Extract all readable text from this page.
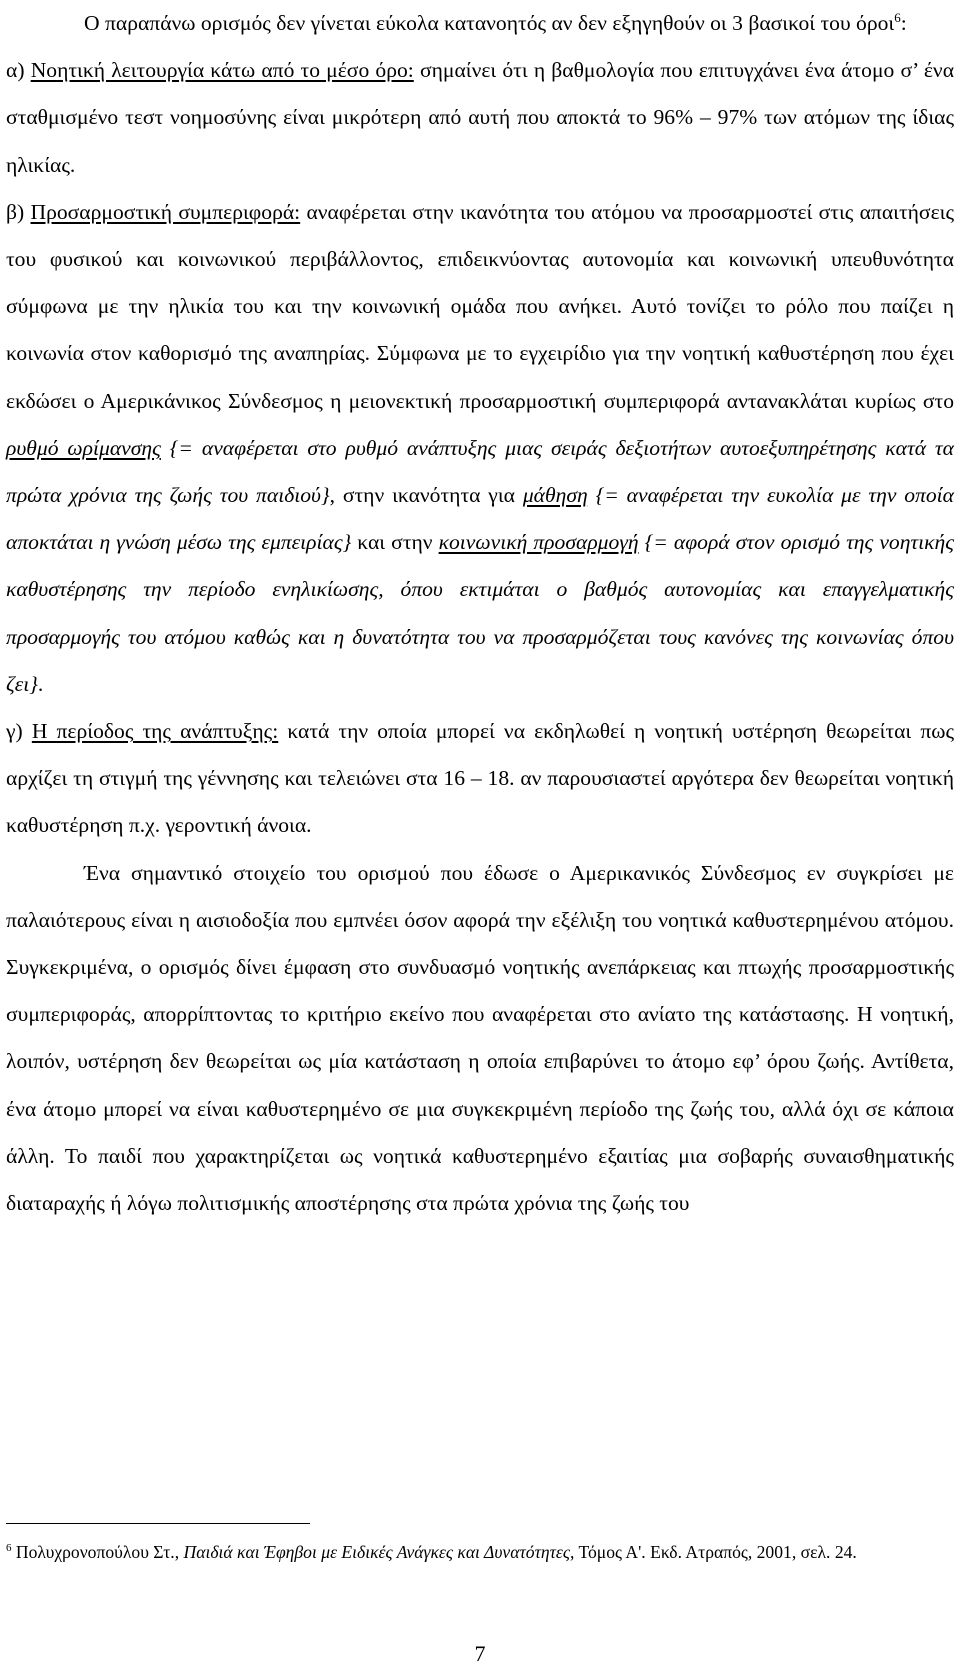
Ο παραπάνω ορισμός δεν γίνεται εύκολα κατανοητός αν δεν εξηγηθούν οι 3 βασικοί του όροι$^6$:

α) Νοητική λειτουργία κάτω από το μέσο όρο: σημαίνει ότι η βαθμολογία που επιτυγχάνει ένα άτομο σ’ ένα σταθμισμένο τεστ νοημοσύνης είναι μικρότερη από αυτή που αποκτά το 96% – 97% των ατόμων της ίδιας ηλικίας.

β) Προσαρμοστική συμπεριφορά: αναφέρεται στην ικανότητα του ατόμου να προσαρμοστεί στις απαιτήσεις του φυσικού και κοινωνικού περιβάλλοντος, επιδεικνύοντας αυτονομία και κοινωνική υπευθυνότητα σύμφωνα με την ηλικία του και την κοινωνική ομάδα που ανήκει. Αυτό τονίζει το ρόλο που παίζει η κοινωνία στον καθορισμό της αναπηρίας. Σύμφωνα με το εγχειρίδιο για την νοητική καθυστέρηση που έχει εκδώσει ο Αμερικάνικος Σύνδεσμος η μειονεκτική προσαρμοστική συμπεριφορά αντανακλάται κυρίως στο ρυθμό ωρίμανσης {= αναφέρεται στο ρυθμό ανάπτυξης μιας σειράς δεξιοτήτων αυτοεξυπηρέτησης κατά τα πρώτα χρόνια της ζωής του παιδιού}, στην ικανότητα για μάθηση {= αναφέρεται την ευκολία με την οποία αποκτάται η γνώση μέσω της εμπειρίας} και στην κοινωνική προσαρμογή {= αφορά στον ορισμό της νοητικής καθυστέρησης την περίοδο ενηλικίωσης, όπου εκτιμάται ο βαθμός αυτονομίας και επαγγελματικής προσαρμογής του ατόμου καθώς και η δυνατότητα του να προσαρμόζεται τους κανόνες της κοινωνίας όπου ζει}.

γ) Η περίοδος της ανάπτυξης: κατά την οποία μπορεί να εκδηλωθεί η νοητική υστέρηση θεωρείται πως αρχίζει τη στιγμή της γέννησης και τελειώνει στα 16 – 18. αν παρουσιαστεί αργότερα δεν θεωρείται νοητική καθυστέρηση π.χ. γεροντική άνοια.

Ένα σημαντικό στοιχείο του ορισμού που έδωσε ο Αμερικανικός Σύνδεσμος εν συγκρίσει με παλαιότερους είναι η αισιοδοξία που εμπνέει όσον αφορά την εξέλιξη του νοητικά καθυστερημένου ατόμου. Συγκεκριμένα, ο ορισμός δίνει έμφαση στο συνδυασμό νοητικής ανεπάρκειας και πτωχής προσαρμοστικής συμπεριφοράς, απορρίπτοντας το κριτήριο εκείνο που αναφέρεται στο ανίατο της κατάστασης. Η νοητική, λοιπόν, υστέρηση δεν θεωρείται ως μία κατάσταση η οποία επιβαρύνει το άτομο εφ’ όρου ζωής. Αντίθετα, ένα άτομο μπορεί να είναι καθυστερημένο σε μια συγκεκριμένη περίοδο της ζωής του, αλλά όχι σε κάποια άλλη. Το παιδί που χαρακτηρίζεται ως νοητικά καθυστερημένο εξαιτίας μια σοβαρής συναισθηματικής διαταραχής ή λόγω πολιτισμικής αποστέρησης στα πρώτα χρόνια της ζωής του

$^6$ Πολυχρονοπούλου Στ., Παιδιά και Έφηβοι με Ειδικές Ανάγκες και Δυνατότητες, Τόμος Α'. Εκδ. Ατραπός, 2001, σελ. 24.

7
